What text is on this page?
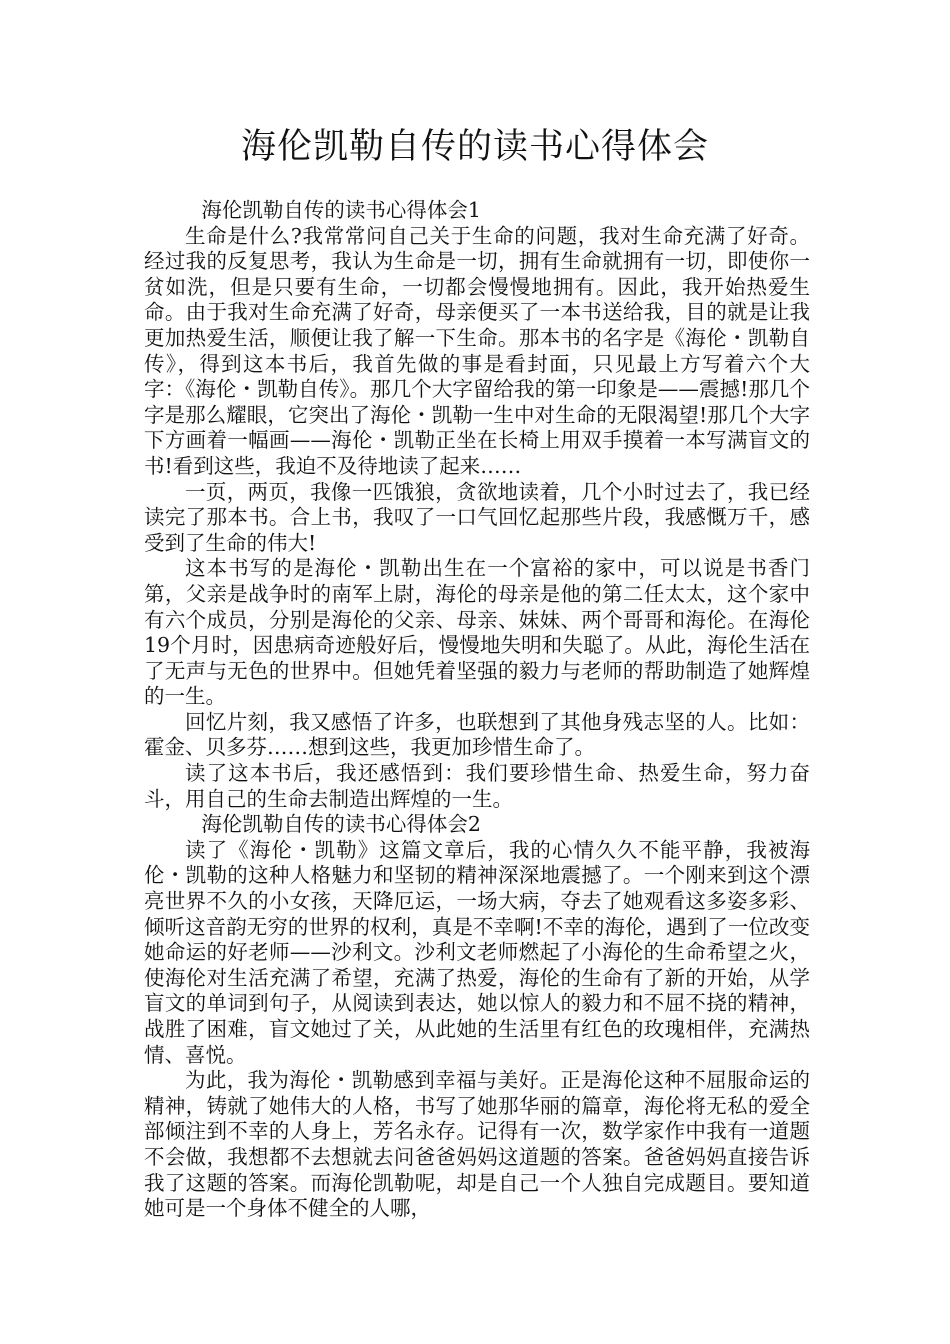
海伦凯勒自传的读书心得体会

海伦凯勒自传的读书心得体会1

生命是什么?我常常问自己关于生命的问题，我对生命充满了好奇。经过我的反复思考，我认为生命是一切，拥有生命就拥有一切，即使你一贫如洗，但是只要有生命，一切都会慢慢地拥有。因此，我开始热爱生命。由于我对生命充满了好奇，母亲便买了一本书送给我，目的就是让我更加热爱生活，顺便让我了解一下生命。那本书的名字是《海伦・凯勒自传》，得到这本书后，我首先做的事是看封面，只见最上方写着六个大字：《海伦・凯勒自传》。那几个大字留给我的第一印象是——震撼!那几个字是那么耀眼，它突出了海伦・凯勒一生中对生命的无限渴望!那几个大字下方画着一幅画——海伦・凯勒正坐在长椅上用双手摸着一本写满盲文的书!看到这些，我迫不及待地读了起来……

一页，两页，我像一匹饿狼，贪欲地读着，几个小时过去了，我已经读完了那本书。合上书，我叹了一口气回忆起那些片段，我感慨万千，感受到了生命的伟大!

这本书写的是海伦・凯勒出生在一个富裕的家中，可以说是书香门第，父亲是战争时的南军上尉，海伦的母亲是他的第二任太太，这个家中有六个成员，分别是海伦的父亲、母亲、妹妹、两个哥哥和海伦。在海伦19个月时，因患病奇迹般好后，慢慢地失明和失聪了。从此，海伦生活在了无声与无色的世界中。但她凭着坚强的毅力与老师的帮助制造了她辉煌的一生。

回忆片刻，我又感悟了许多，也联想到了其他身残志坚的人。比如：霍金、贝多芬……想到这些，我更加珍惜生命了。

读了这本书后，我还感悟到：我们要珍惜生命、热爱生命，努力奋斗，用自己的生命去制造出辉煌的一生。

海伦凯勒自传的读书心得体会2

读了《海伦・凯勒》这篇文章后，我的心情久久不能平静，我被海伦・凯勒的这种人格魅力和坚韧的精神深深地震撼了。一个刚来到这个漂亮世界不久的小女孩，天降厄运，一场大病，夺去了她观看这多姿多彩、倾听这音韵无穷的世界的权利，真是不幸啊!不幸的海伦，遇到了一位改变她命运的好老师——沙利文。沙利文老师燃起了小海伦的生命希望之火，使海伦对生活充满了希望，充满了热爱，海伦的生命有了新的开始，从学盲文的单词到句子，从阅读到表达，她以惊人的毅力和不屈不挠的精神，战胜了困难，盲文她过了关，从此她的生活里有红色的玫瑰相伴，充满热情、喜悦。

为此，我为海伦・凯勒感到幸福与美好。正是海伦这种不屈服命运的精神，铸就了她伟大的人格，书写了她那华丽的篇章，海伦将无私的爱全部倾注到不幸的人身上，芳名永存。记得有一次，数学家作中我有一道题不会做，我想都不去想就去问爸爸妈妈这道题的答案。爸爸妈妈直接告诉我了这题的答案。而海伦凯勒呢，却是自己一个人独自完成题目。要知道她可是一个身体不健全的人哪，
